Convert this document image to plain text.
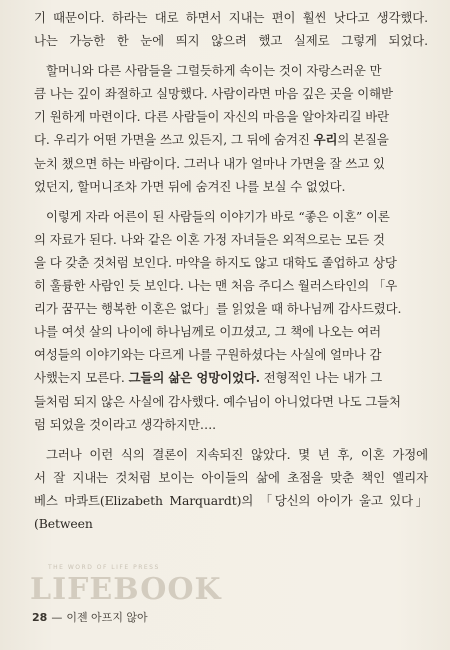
기 때문이다. 하라는 대로 하면서 지내는 편이 훨씬 낫다고 생각했다.
나는 가능한 한 눈에 띄지 않으려 했고 실제로 그렇게 되었다.

할머니와 다른 사람들을 그럴듯하게 속이는 것이 자랑스러운 만
큼 나는 깊이 좌절하고 실망했다. 사람이라면 마음 깊은 곳을 이해받
기 원하게 마련이다. 다른 사람들이 자신의 마음을 알아차리길 바란
다. 우리가 어떤 가면을 쓰고 있든지, 그 뒤에 숨겨진 우리의 본질을
눈치 챘으면 하는 바람이다. 그러나 내가 얼마나 가면을 잘 쓰고 있
었던지, 할머니조차 가면 뒤에 숨겨진 나를 보실 수 없었다.

이렇게 자라 어른이 된 사람들의 이야기가 바로 “좋은 이혼” 이론
의 자료가 된다. 나와 같은 이혼 가정 자녀들은 외적으로는 모든 것
을 다 갖춘 것처럼 보인다. 마약을 하지도 않고 대학도 졸업하고 상당
히 훌륭한 사람인 듯 보인다. 나는 맨 처음 주디스 월러스타인의 「우
리가 꿈꾸는 행복한 이혼은 없다」를 읽었을 때 하나님께 감사드렸다.
나를 여섯 살의 나이에 하나님께로 이끄셨고, 그 책에 나오는 여러
여성들의 이야기와는 다르게 나를 구원하셨다는 사실에 얼마나 감
사했는지 모른다. 그들의 삶은 엉망이었다. 전형적인 나는 내가 그
들처럼 되지 않은 사실에 감사했다. 예수님이 아니었다면 나도 그들처
럼 되었을 것이라고 생각하지만….

그러나 이런 식의 결론이 지속되진 않았다. 몇 년 후, 이혼 가정에
서 잘 지내는 것처럼 보이는 아이들의 삶에 초점을 맞춘 책인 엘리자
베스 마콰트(Elizabeth Marquardt)의 「당신의 아이가 울고 있다」(Between

THE WORD OF LIFE PRESS
LIFEBOOK
28 — 이젠 아프지 않아
